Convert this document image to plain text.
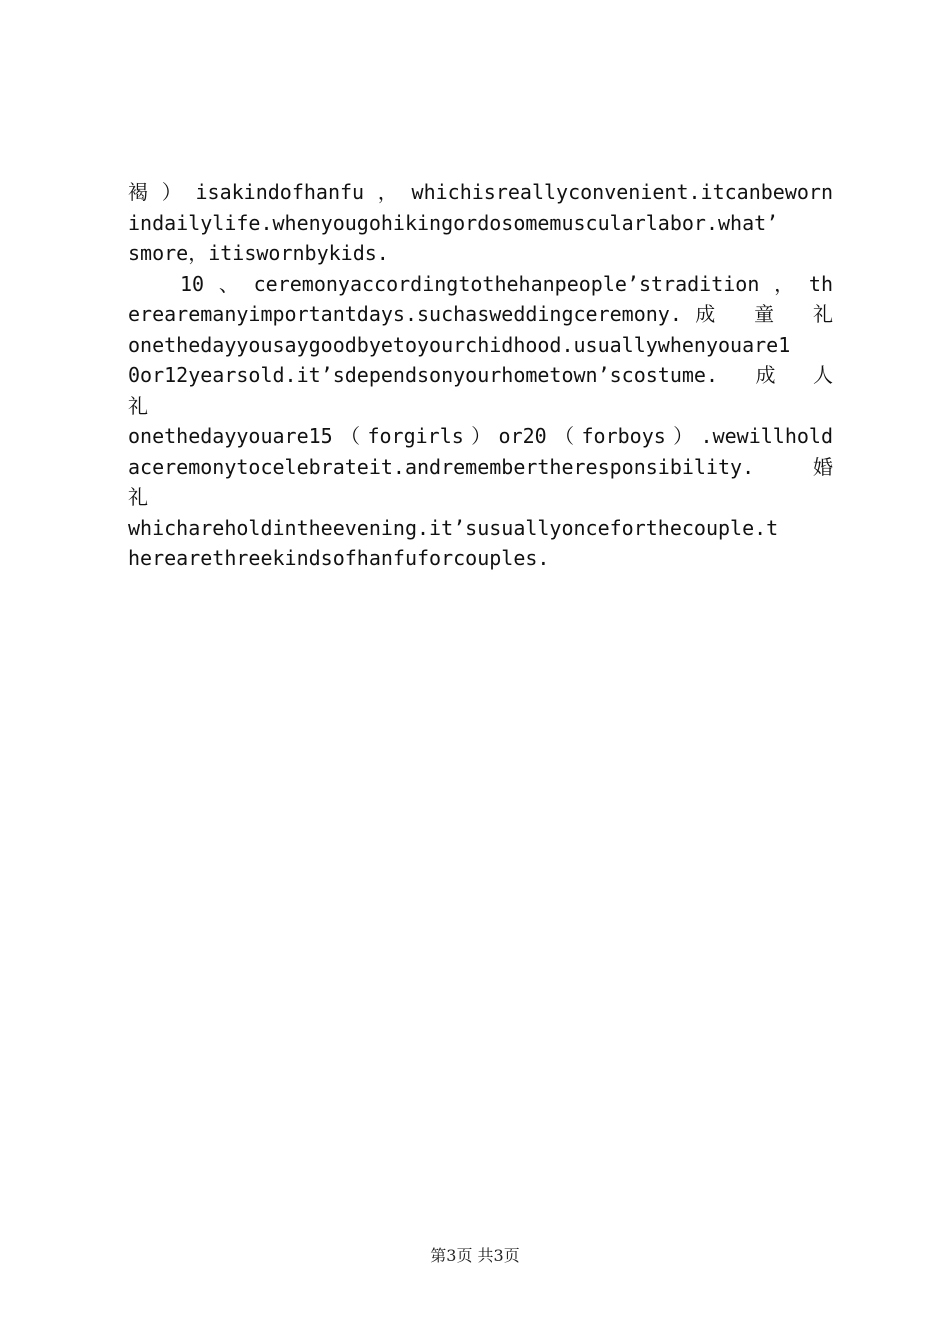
褐）isakindofhanfu，whichisreallyconvenient.itcanbeworn
indailylife.whenyougohikingordosomemuscularlabor.what’
smore，itiswornbykids.
10、ceremonyaccordingtothehanpeople’stradition，th
erearemanyimportantdays.suchasweddingceremony.成 童 礼
onethedayyousaygoodbyetoyourchidhood.usuallywhenyouare1
0or12yearsold.it’sdependsonyourhometown’scostume.成人
礼
onethedayyouare15（forgirls）or20（forboys）.wewillhold
aceremonytocelebrateit.andremembertheresponsibility. 婚
礼
whichareholdintheevening.it’susuallyonceforthecouple.t
herearethreekindsofhanfuforcouples.
第3页 共3页
